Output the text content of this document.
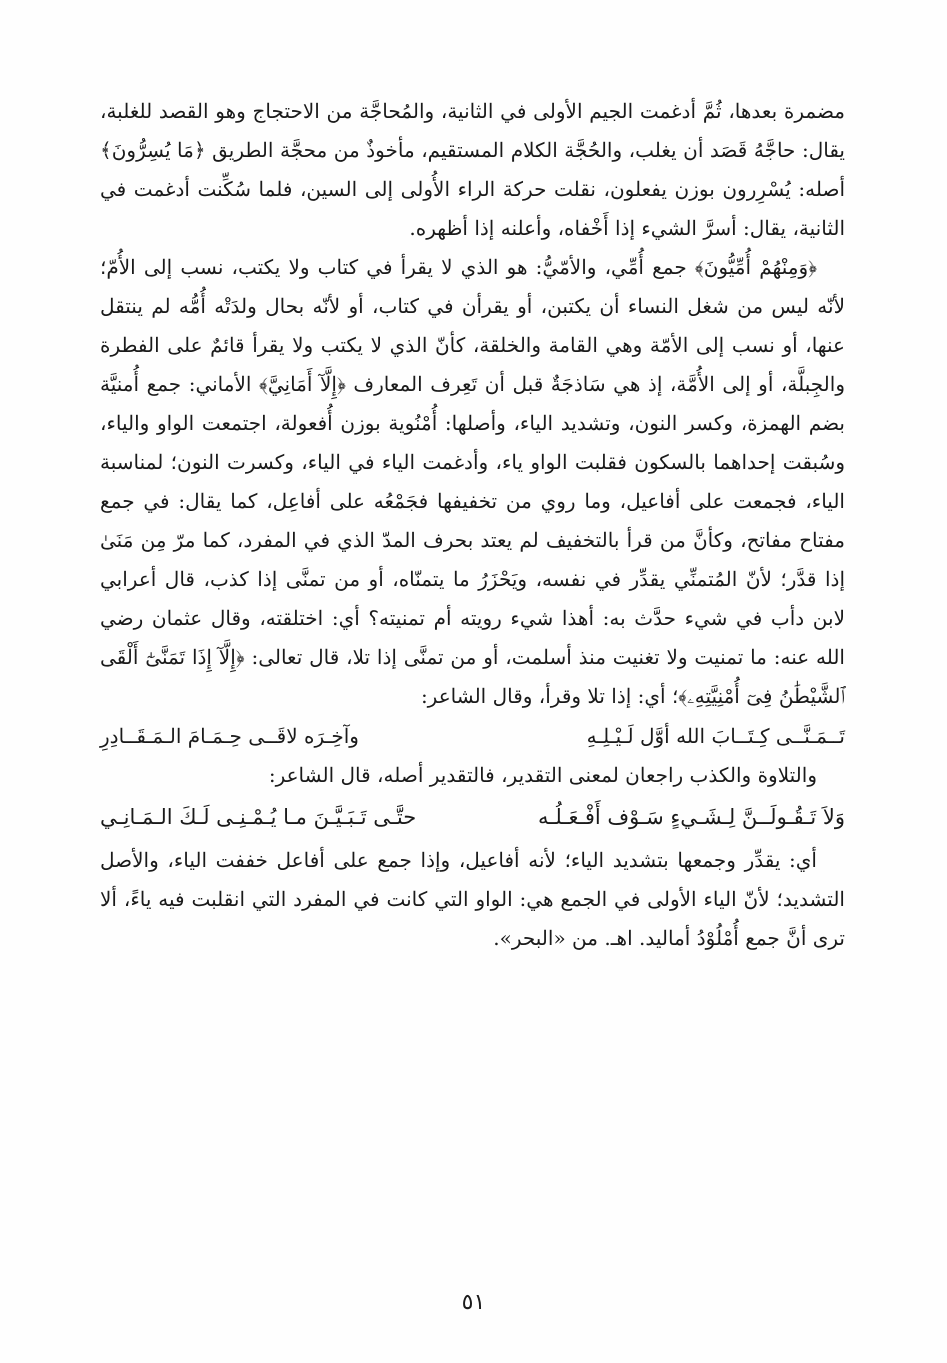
مضمرة بعدها، ثُمَّ أدغمت الجيم الأولى في الثانية، والمُحاجَّة من الاحتجاج وهو القصد للغلبة، يقال: حاجَّهُ قَصَد أن يغلب، والحُجَّة الكلام المستقيم، مأخوذٌ من محجَّة الطريق ﴿مَا يُسِرُّونَ﴾ أصله: يُسْرِرون بوزن يفعلون، نقلت حركة الراء الأُولى إلى السين، فلما سُكِّنت أدغمت في الثانية، يقال: أسرَّ الشيء إذا أَخْفاه، وأعلنه إذا أظهره.

﴿وَمِنْهُمْ أُمِّيُّونَ﴾ جمع أُمِّي، والأمّيُّ: هو الذي لا يقرأ في كتاب ولا يكتب، نسب إلى الأُمّ؛ لأنّه ليس من شغل النساء أن يكتبن، أو يقرأن في كتاب، أو لأنّه بحال ولدَتْه أُمُّه لم ينتقل عنها، أو نسب إلى الأمّة وهي القامة والخلقة، كأنّ الذي لا يكتب ولا يقرأ قائمٌ على الفطرة والجِبلَّة، أو إلى الأُمَّة، إذ هي سَاذجَةٌ قبل أن تَعِرف المعارف ﴿إِلَّآ أَمَانِيَّ﴾ الأماني: جمع أُمنيَّة بضم الهمزة، وكسر النون، وتشديد الياء، وأصلها: أُمْنُوية بوزن أُفعولة، اجتمعت الواو والياء، وسُبقت إحداهما بالسكون فقلبت الواو ياء، وأدغمت الياء في الياء، وكسرت النون؛ لمناسبة الياء، فجمعت على أفاعيل، وما روي من تخفيفها فجَمْعُه على أفاعِل، كما يقال: في جمع مفتاح مفاتح، وكأنَّ من قرأ بالتخفيف لم يعتد بحرف المدّ الذي في المفرد، كما مرّ مِن مَنَىٰ إذا قدَّر؛ لأنّ المُتمنِّي يقدِّر في نفسه، ويَحْزَرُ ما يتمنّاه، أو من تمنَّى إذا كذب، قال أعرابي لابن دأب في شيء حدَّث به: أهذا شيء رويته أم تمنيته؟ أي: اختلقته، وقال عثمان رضي الله عنه: ما تمنيت ولا تغنيت منذ أسلمت، أو من تمنَّى إذا تلا، قال تعالى: ﴿إِلَّآ إِذَا تَمَنَّىٰٓ أَلْقَى ٱلشَّيْطَٰنُ فِىٓ أُمْنِيَّتِهِۦ﴾؛ أي: إذا تلا وقرأ، وقال الشاعر:

تَــمَـنَّــى كِـتَــابَ الله أوَّل لَـيْـلِـهِ
وآخِـرَه لاقَــى حِـمَـامَ الـمَـقَــادِرِ

والتلاوة والكذب راجعان لمعنى التقدير، فالتقدير أصله، قال الشاعر:

وَلاَ تَـقُـولَــنَّ لِـشَـيءٍ سَـوْف أَفْـعَـلُـه
حتَّـى تَـبَـيَّـنَ مـا يُـمْـنِـى لَـكَ الـمَـانِـي

أي: يقدِّر وجمعها بتشديد الياء؛ لأنه أفاعيل، وإذا جمع على أفاعل خففت الياء، والأصل التشديد؛ لأنّ الياء الأولى في الجمع هي: الواو التي كانت في المفرد التي انقلبت فيه ياءً، ألا ترى أنَّ جمع أُمْلُوْدُ أماليد. اهـ. من «البحر».

٥١
